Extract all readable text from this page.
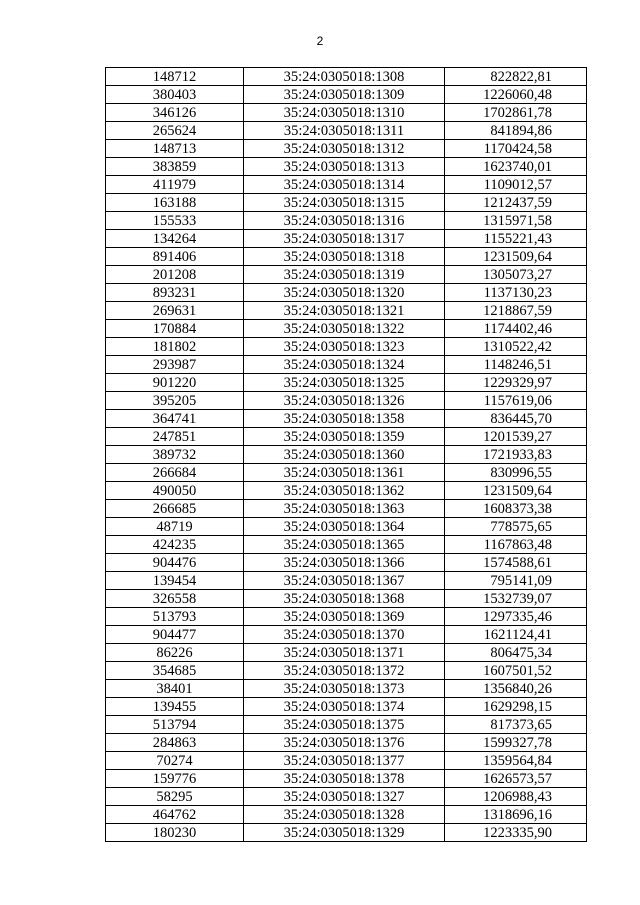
2
148712	35:24:0305018:1308	822822,81
380403	35:24:0305018:1309	1226060,48
346126	35:24:0305018:1310	1702861,78
265624	35:24:0305018:1311	841894,86
148713	35:24:0305018:1312	1170424,58
383859	35:24:0305018:1313	1623740,01
411979	35:24:0305018:1314	1109012,57
163188	35:24:0305018:1315	1212437,59
155533	35:24:0305018:1316	1315971,58
134264	35:24:0305018:1317	1155221,43
891406	35:24:0305018:1318	1231509,64
201208	35:24:0305018:1319	1305073,27
893231	35:24:0305018:1320	1137130,23
269631	35:24:0305018:1321	1218867,59
170884	35:24:0305018:1322	1174402,46
181802	35:24:0305018:1323	1310522,42
293987	35:24:0305018:1324	1148246,51
901220	35:24:0305018:1325	1229329,97
395205	35:24:0305018:1326	1157619,06
364741	35:24:0305018:1358	836445,70
247851	35:24:0305018:1359	1201539,27
389732	35:24:0305018:1360	1721933,83
266684	35:24:0305018:1361	830996,55
490050	35:24:0305018:1362	1231509,64
266685	35:24:0305018:1363	1608373,38
48719	35:24:0305018:1364	778575,65
424235	35:24:0305018:1365	1167863,48
904476	35:24:0305018:1366	1574588,61
139454	35:24:0305018:1367	795141,09
326558	35:24:0305018:1368	1532739,07
513793	35:24:0305018:1369	1297335,46
904477	35:24:0305018:1370	1621124,41
86226	35:24:0305018:1371	806475,34
354685	35:24:0305018:1372	1607501,52
38401	35:24:0305018:1373	1356840,26
139455	35:24:0305018:1374	1629298,15
513794	35:24:0305018:1375	817373,65
284863	35:24:0305018:1376	1599327,78
70274	35:24:0305018:1377	1359564,84
159776	35:24:0305018:1378	1626573,57
58295	35:24:0305018:1327	1206988,43
464762	35:24:0305018:1328	1318696,16
180230	35:24:0305018:1329	1223335,90
